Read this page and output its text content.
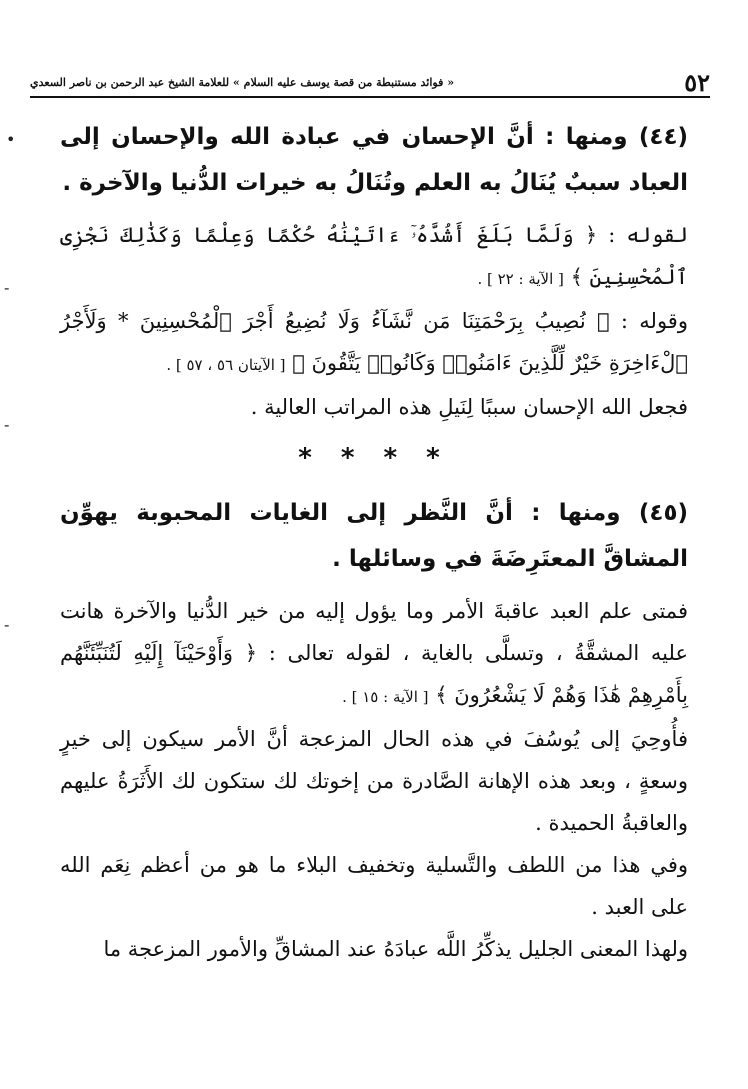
٥٢
« فوائد مستنبطة من قصة يوسف عليه السلام » للعلامة الشيخ عبد الرحمن بن ناصر السعدي
•
-
-
-
(٤٤) ومنها : أنَّ الإحسان في عبادة الله والإحسان إلى العباد سببٌ يُنَالُ به العلم وتُنَالُ به خيرات الدُّنيا والآخرة .

لقوله : ﴿ وَلَمَّا بَلَغَ أَشُدَّهُۥٓ ءَاتَيْنَٰهُ حُكْمًا وَعِلْمًا وَكَذَٰلِكَ نَجْزِى ٱلْمُحْسِنِينَ ﴾ [ الآية : ٢٢ ] .

وقوله : ﴿ نُصِيبُ بِرَحْمَتِنَا مَن نَّشَآءُ وَلَا نُضِيعُ أَجْرَ ٱلْمُحْسِنِينَ * وَلَأَجْرُ ٱلْءَاخِرَةِ خَيْرٌ لِّلَّذِينَ ءَامَنُوا۟ وَكَانُوا۟ يَتَّقُونَ ﴾ [ الآيتان ٥٦ ، ٥٧ ] .

فجعل الله الإحسان سببًا لِنَيلِ هذه المراتب العالية .

* * * *
(٤٥) ومنها : أنَّ النَّظر إلى الغايات المحبوبة يهوِّن المشاقَّ المعتَرِضَةَ في وسائلها .

فمتى علم العبد عاقبةَ الأمر وما يؤول إليه من خير الدُّنيا والآخرة هانت عليه المشقَّةُ ، وتسلَّى بالغاية ، لقوله تعالى : ﴿ وَأَوْحَيْنَآ إِلَيْهِ لَتُنَبِّئَنَّهُم بِأَمْرِهِمْ هَٰذَا وَهُمْ لَا يَشْعُرُونَ ﴾ [ الآية : ١٥ ] .

فأُوحِيَ إلى يُوسُفَ في هذه الحال المزعجة أنَّ الأمر سيكون إلى خيرٍ وسعةٍ ، وبعد هذه الإهانة الصَّادرة من إخوتك لك ستكون لك الأَثَرَةُ عليهم والعاقبةُ الحميدة .

وفي هذا من اللطف والتَّسلية وتخفيف البلاء ما هو من أعظم نِعَم الله على العبد .

ولهذا المعنى الجليل يذكِّرُ اللَّه عبادَهُ عند المشاقِّ والأمور المزعجة ما
